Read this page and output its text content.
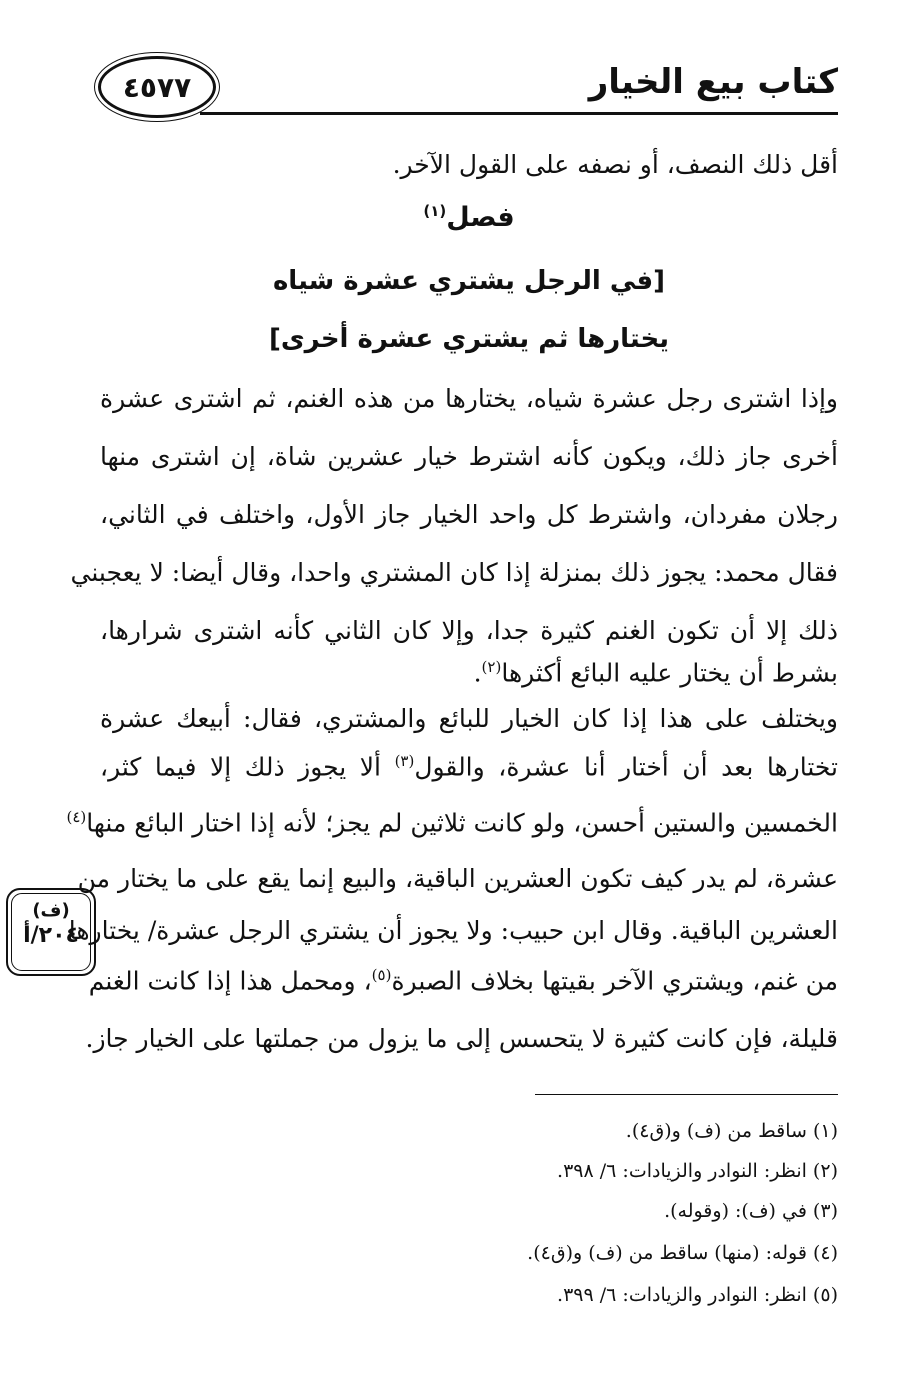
كتاب بيع الخيار
٤٥٧٧
أقل ذلك النصف، أو نصفه على القول الآخر.
فصل$^{(١)}$
[في الرجل يشتري عشرة شياه
يختارها ثم يشتري عشرة أخرى]
وإذا اشترى رجل عشرة شياه، يختارها من هذه الغنم، ثم اشترى عشرة
أخرى جاز ذلك، ويكون كأنه اشترط خيار عشرين شاة، إن اشترى منها
رجلان مفردان، واشترط كل واحد الخيار جاز الأول، واختلف في الثاني،
فقال محمد: يجوز ذلك بمنزلة إذا كان المشتري واحدا، وقال أيضا: لا يعجبني
ذلك إلا أن تكون الغنم كثيرة جدا، وإلا كان الثاني كأنه اشترى شرارها،
بشرط أن يختار عليه البائع أكثرها$^{(٢)}$.
ويختلف على هذا إذا كان الخيار للبائع والمشتري، فقال: أبيعك عشرة
تختارها بعد أن أختار أنا عشرة، والقول$^{(٣)}$ ألا يجوز ذلك إلا فيما كثر،
الخمسين والستين أحسن، ولو كانت ثلاثين لم يجز؛ لأنه إذا اختار البائع منها$^{(٤)}$
عشرة، لم يدر كيف تكون العشرين الباقية، والبيع إنما يقع على ما يختار من
العشرين الباقية. وقال ابن حبيب: ولا يجوز أن يشتري الرجل عشرة/ يختارها
من غنم، ويشتري الآخر بقيتها بخلاف الصبرة$^{(٥)}$، ومحمل هذا إذا كانت الغنم
قليلة، فإن كانت كثيرة لا يتحسس إلى ما يزول من جملتها على الخيار جاز.
(ف)
٢٠٤/أ
(١) ساقط من (ف) و(ق٤).
(٢) انظر: النوادر والزيادات: ٦/ ٣٩٨.
(٣) في (ف): (وقوله).
(٤) قوله: (منها) ساقط من (ف) و(ق٤).
(٥) انظر: النوادر والزيادات: ٦/ ٣٩٩.
